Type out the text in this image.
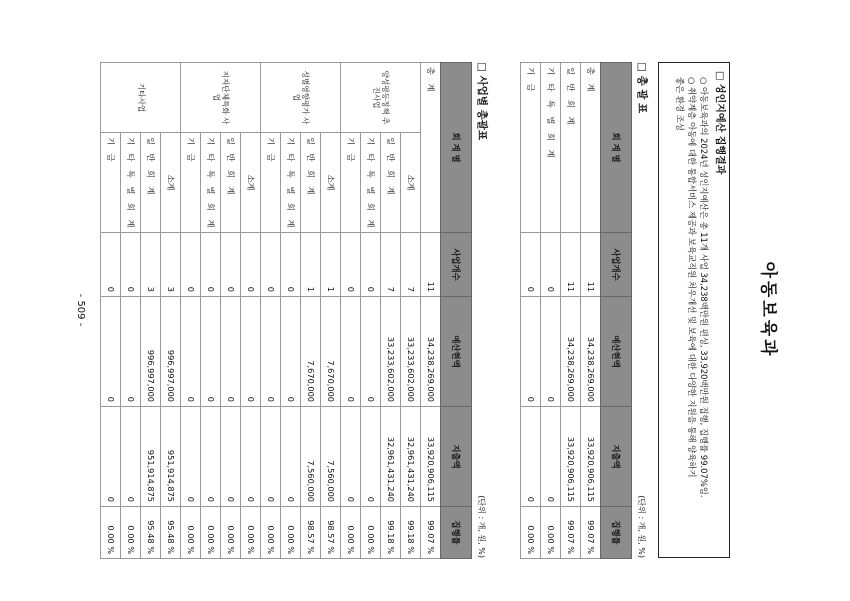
아동보육과
□ 성인지예산 집행결과
○ 아동보육과의 2024년 성인지예산은 총 11개 사업 34,238백만원 편성, 33,920백만원 집행, 집행률 99.07%임.
○ 취약계층 아동에 대한 통합서비스 제공과 보육교직원 처우개선 및 보육에 대한 다양한 지원을 통해 양육하기
좋은 환경 조성
□ 총 괄 표
(단위 : 개, 원, %)
회 계 별	사업개수	예산현액	지출액	집행률
총 계	11	34,238,269,000	33,920,906,115	99.07 %
일 반 회 계	11	34,238,269,000	33,920,906,115	99.07 %
기 타 특 별 회 계	0	0	0	0.00 %
기 금	0	0	0	0.00 %
□ 사업별 총괄표
(단위 : 개, 원, %)
회 계 별		사업개수	예산현액	지출액	집행률
총 계		11	34,238,269,000	33,920,906,115	99.07 %
양성평등정책 추진사업	소계	7	33,233,602,000	32,961,431,240	99.18 %
	일 반 회 계	7	33,233,602,000	32,961,431,240	99.18 %
	기 타 특 별 회 계	0	0	0	0.00 %
	기 금	0	0	0	0.00 %
성별영향평가 사업	소계	1	7,670,000	7,560,000	98.57 %
	일 반 회 계	1	7,670,000	7,560,000	98.57 %
	기 타 특 별 회 계	0	0	0	0.00 %
	기 금	0	0	0	0.00 %
지자단체특화 사업	소계	0	0	0	0.00 %
	일 반 회 계	0	0	0	0.00 %
	기 타 특 별 회 계	0	0	0	0.00 %
	기 금	0	0	0	0.00 %
기타사업	소계	3	996,997,000	951,914,875	95.48 %
	일 반 회 계	3	996,997,000	951,914,875	95.48 %
	기 타 특 별 회 계	0	0	0	0.00 %
	기 금	0	0	0	0.00 %
- 509 -
